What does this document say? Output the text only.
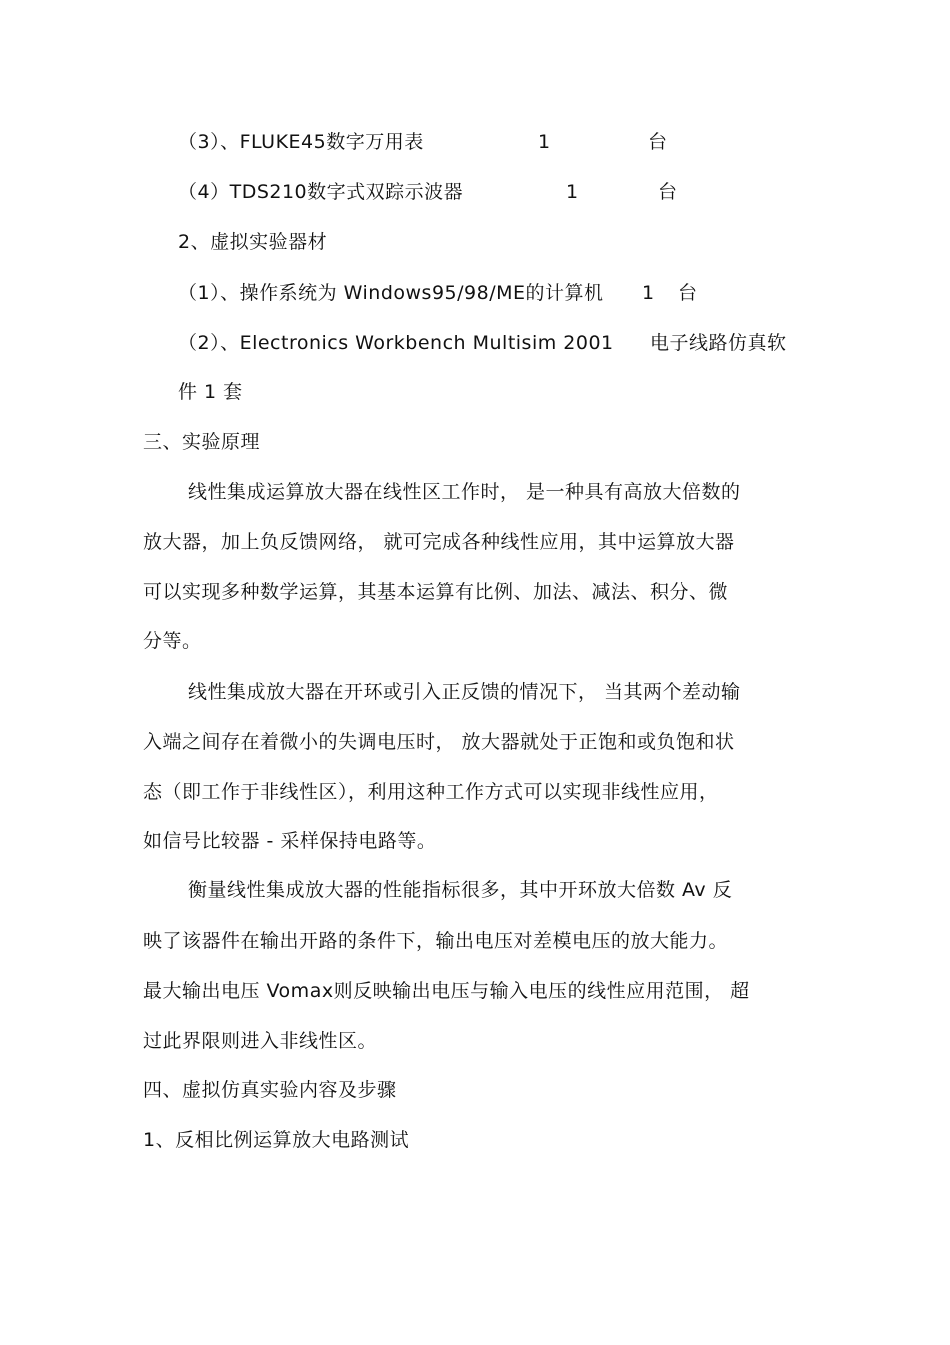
（3）、FLUKE45数字万用表	1	台
（4）TDS210数字式双踪示波器	1	台
2、虚拟实验器材
（1）、操作系统为 Windows95/98/ME的计算机 1 台
（2）、Electronics Workbench Multisim 2001 电子线路仿真软
件 1 套
三、实验原理
线性集成运算放大器在线性区工作时， 是一种具有高放大倍数的
放大器，加上负反馈网络， 就可完成各种线性应用，其中运算放大器
可以实现多种数学运算，其基本运算有比例、加法、减法、积分、微
分等。
线性集成放大器在开环或引入正反馈的情况下， 当其两个差动输
入端之间存在着微小的失调电压时， 放大器就处于正饱和或负饱和状
态（即工作于非线性区），利用这种工作方式可以实现非线性应用，
如信号比较器 - 采样保持电路等。
衡量线性集成放大器的性能指标很多，其中开环放大倍数 Av 反
映了该器件在输出开路的条件下，输出电压对差模电压的放大能力。
最大输出电压 Vomax则反映输出电压与输入电压的线性应用范围， 超
过此界限则进入非线性区。
四、虚拟仿真实验内容及步骤
1、反相比例运算放大电路测试
